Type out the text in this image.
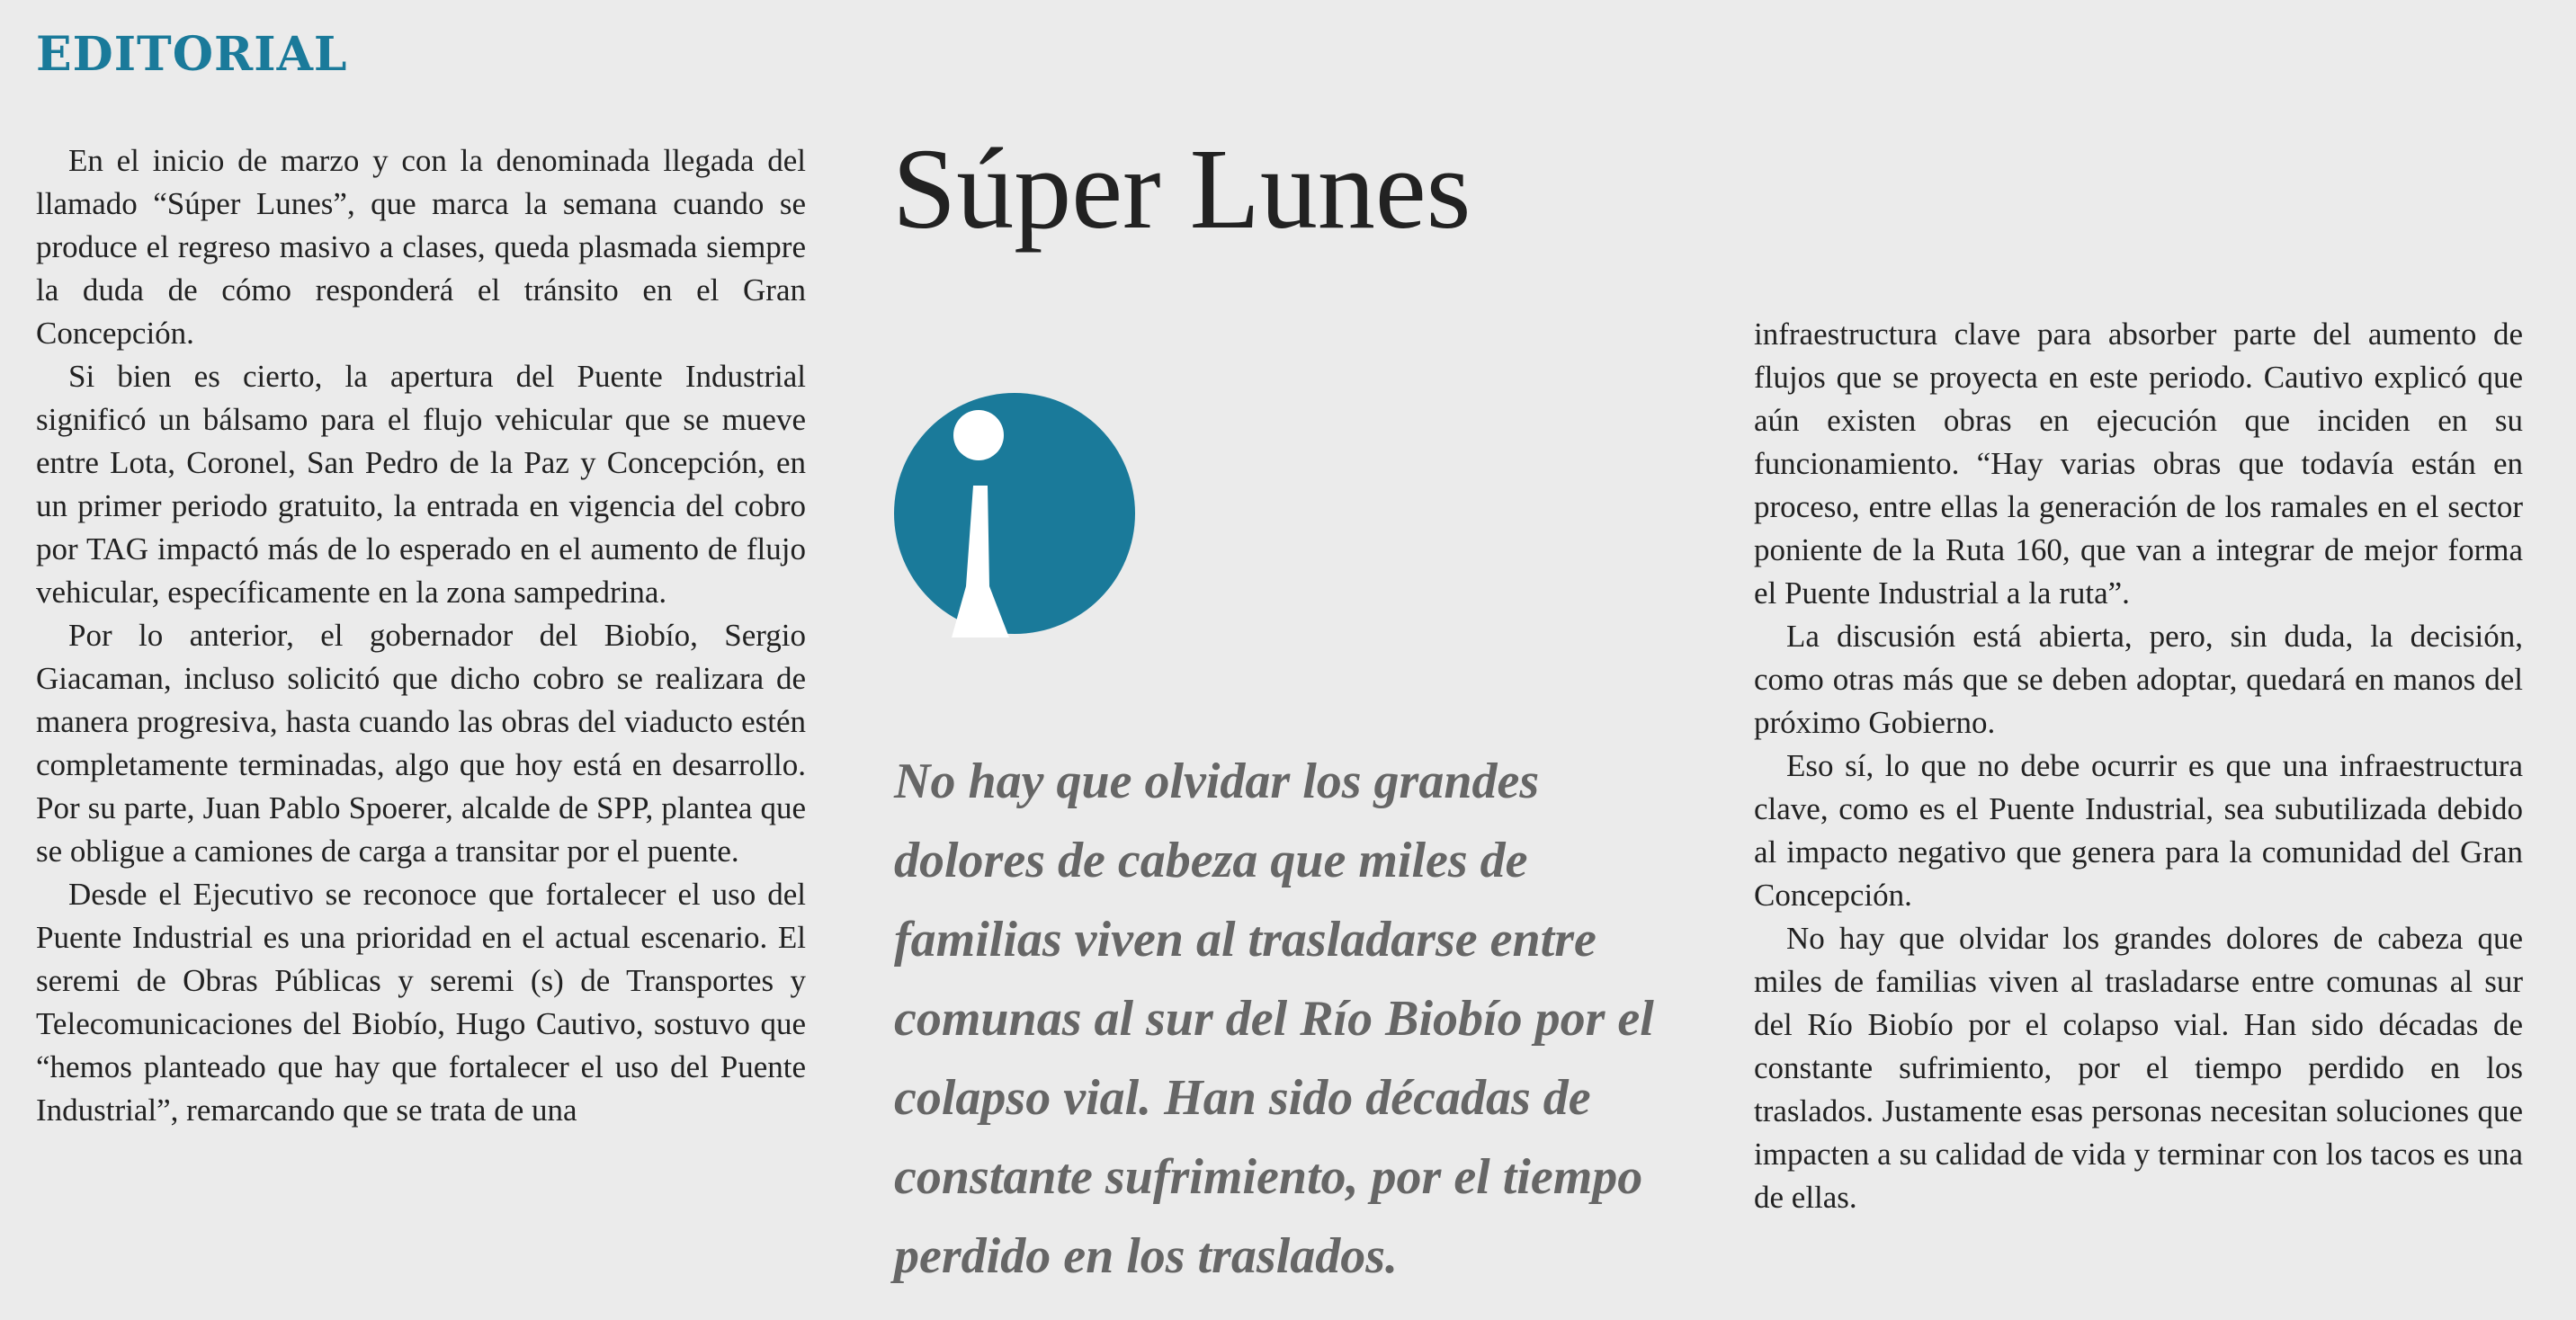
EDITORIAL

En el inicio de marzo y con la denominada llegada del llamado “Súper Lunes”, que marca la semana cuando se produce el regreso masivo a clases, queda plasmada siempre la duda de cómo responderá el tránsito en el Gran Concepción.

Si bien es cierto, la apertura del Puente Industrial significó un bálsamo para el flujo vehicular que se mueve entre Lota, Coronel, San Pedro de la Paz y Concepción, en un primer periodo gratuito, la entrada en vigencia del cobro por TAG impactó más de lo esperado en el aumento de flujo vehicular, específicamente en la zona sampedrina.

Por lo anterior, el gobernador del Biobío, Sergio Giacaman, incluso solicitó que dicho cobro se realizara de manera progresiva, hasta cuando las obras del viaducto estén completamente terminadas, algo que hoy está en desarrollo. Por su parte, Juan Pablo Spoerer, alcalde de SPP, plantea que se obligue a camiones de carga a transitar por el puente.

Desde el Ejecutivo se reconoce que fortalecer el uso del Puente Industrial es una prioridad en el actual escenario. El seremi de Obras Públicas y seremi (s) de Transportes y Telecomunicaciones del Biobío, Hugo Cautivo, sostuvo que “hemos planteado que hay que fortalecer el uso del Puente Industrial”, remarcando que se trata de una

Súper Lunes

No hay que olvidar los grandes dolores de cabeza que miles de familias viven al trasladarse entre comunas al sur del Río Biobío por el colapso vial. Han sido décadas de constante sufrimiento, por el tiempo perdido en los traslados.

infraestructura clave para absorber parte del aumento de flujos que se proyecta en este periodo. Cautivo explicó que aún existen obras en ejecución que inciden en su funcionamiento. “Hay varias obras que todavía están en proceso, entre ellas la generación de los ramales en el sector poniente de la Ruta 160, que van a integrar de mejor forma el Puente Industrial a la ruta”.

La discusión está abierta, pero, sin duda, la decisión, como otras más que se deben adoptar, quedará en manos del próximo Gobierno.

Eso sí, lo que no debe ocurrir es que una infraestructura clave, como es el Puente Industrial, sea subutilizada debido al impacto negativo que genera para la comunidad del Gran Concepción.

No hay que olvidar los grandes dolores de cabeza que miles de familias viven al trasladarse entre comunas al sur del Río Biobío por el colapso vial. Han sido décadas de constante sufrimiento, por el tiempo perdido en los traslados. Justamente esas personas necesitan soluciones que impacten a su calidad de vida y terminar con los tacos es una de ellas.
